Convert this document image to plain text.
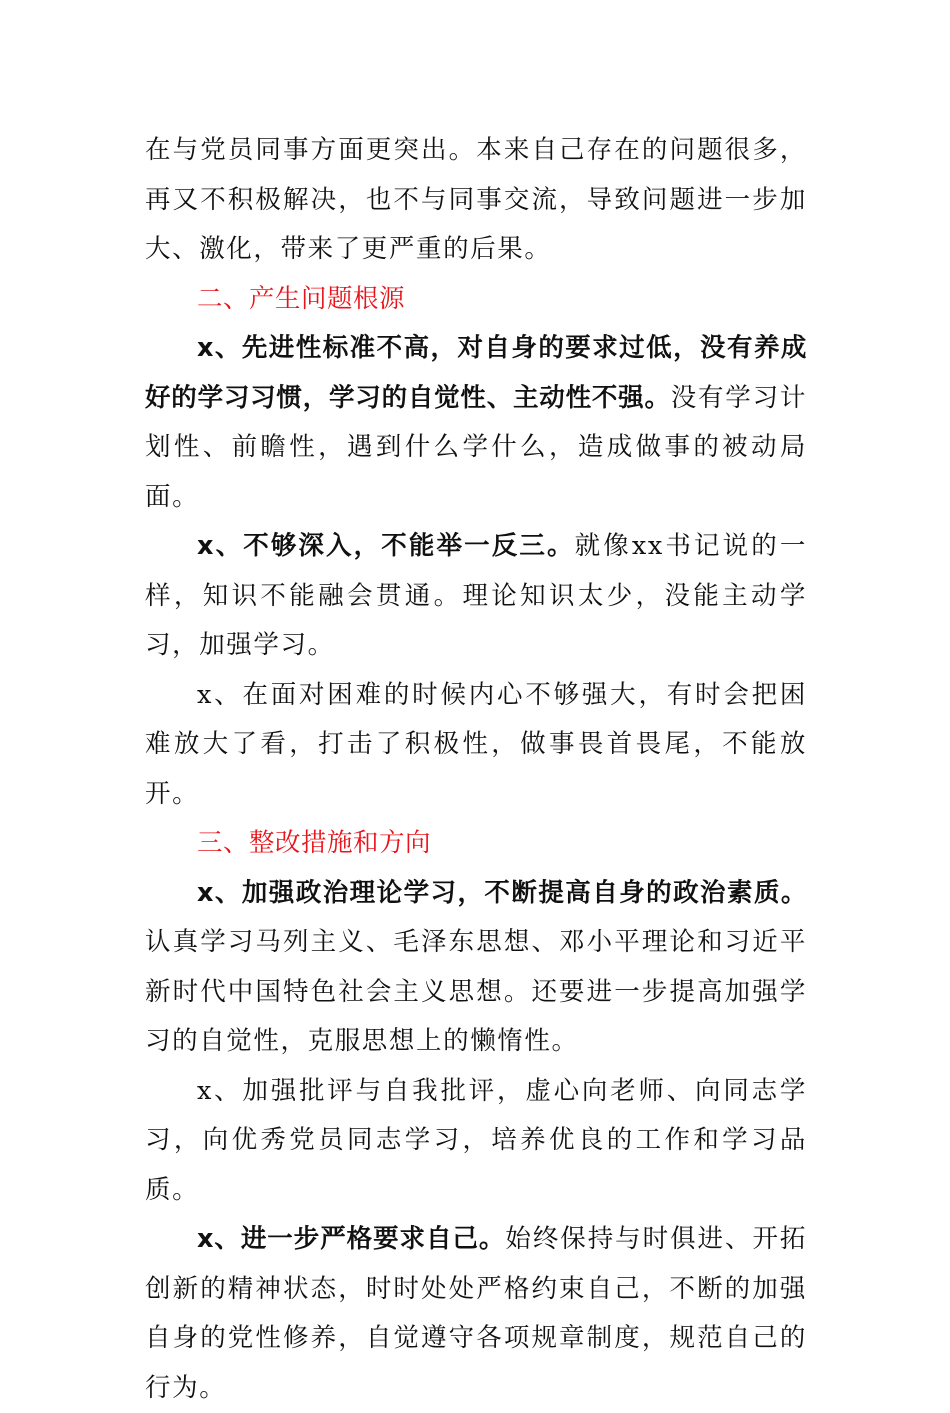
在与党员同事方面更突出。本来自己存在的问题很多，再又不积极解决，也不与同事交流，导致问题进一步加大、激化，带来了更严重的后果。

二、产生问题根源

x、先进性标准不高，对自身的要求过低，没有养成好的学习习惯，学习的自觉性、主动性不强。没有学习计划性、前瞻性，遇到什么学什么，造成做事的被动局面。

x、不够深入，不能举一反三。就像xx书记说的一样，知识不能融会贯通。理论知识太少，没能主动学习，加强学习。

x、在面对困难的时候内心不够强大，有时会把困难放大了看，打击了积极性，做事畏首畏尾，不能放开。

三、整改措施和方向

x、加强政治理论学习，不断提高自身的政治素质。认真学习马列主义、毛泽东思想、邓小平理论和习近平新时代中国特色社会主义思想。还要进一步提高加强学习的自觉性，克服思想上的懒惰性。

x、加强批评与自我批评，虚心向老师、向同志学习，向优秀党员同志学习，培养优良的工作和学习品质。

x、进一步严格要求自己。始终保持与时俱进、开拓创新的精神状态，时时处处严格约束自己，不断的加强自身的党性修养，自觉遵守各项规章制度，规范自己的行为。
